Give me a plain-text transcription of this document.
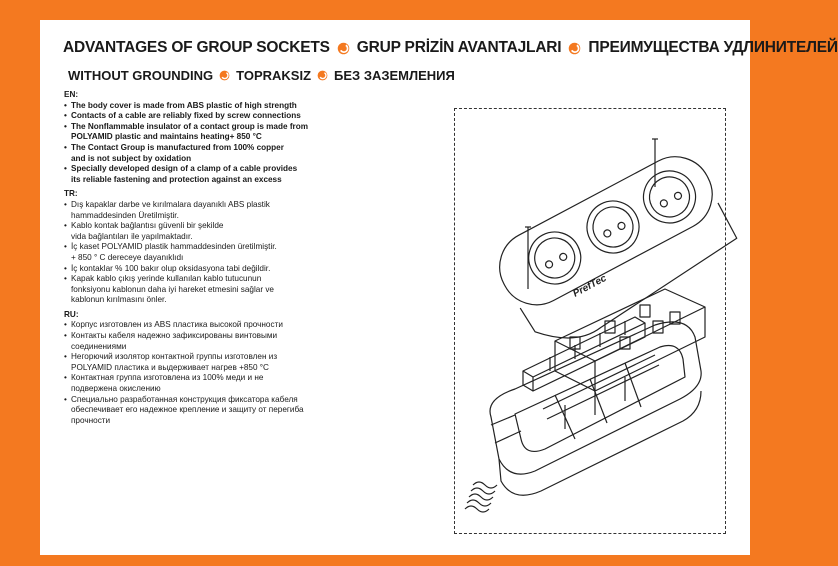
ADVANTAGES OF GROUP SOCKETS GRUP PRİZİN AVANTAJLARI ПРЕИМУЩЕСТВА УДЛИНИТЕЛЕЙ
WITHOUT GROUNDING TOPRAKSIZ БЕЗ ЗАЗЕМЛЕНИЯ

EN:

• The body cover is made from ABS plastic of high strength
• Contacts of a cable are reliably fixed by screw connections
• The Nonflammable insulator of a contact group is made from
POLYAMID plastic and maintains heating+ 850 °C
• The Contact Group is manufactured from 100% copper
and is not subject by oxidation
• Specially developed design of a clamp of a cable provides
its reliable fastening and protection against an excess

TR:

• Dış kapaklar darbe ve kırılmalara dayanıklı ABS plastik
hammaddesinden Üretilmiştir.
• Kablo kontak bağlantısı güvenli bir şekilde
vida bağlantıları ile yapılmaktadır.
• İç kaset POLYAMID plastik hammaddesinden üretilmiştir.
+ 850 ° C dereceye dayanıklıdı
• İç kontaklar % 100 bakır olup oksidasyona tabi değildir.
• Kapak kablo çıkış yerinde kullanılan kablo tutucunun
fonksiyonu kablonun daha iyi hareket etmesini sağlar ve
kablonun kırılmasını önler.

RU:

• Корпус изготовлен из ABS пластика высокой прочности
• Контакты кабеля надежно зафиксированы винтовыми
соединениями
• Негорючий изолятор контактной группы изготовлен из
POLYAMID пластика и выдерживает нагрев +850 °C
• Контактная группа изготовлена из 100% меди и не
подвержена окислению
• Специально разработанная конструкция фиксатора кабеля
обеспечивает его надежное крепление и защиту от перегиба
прочности
PrefTec
